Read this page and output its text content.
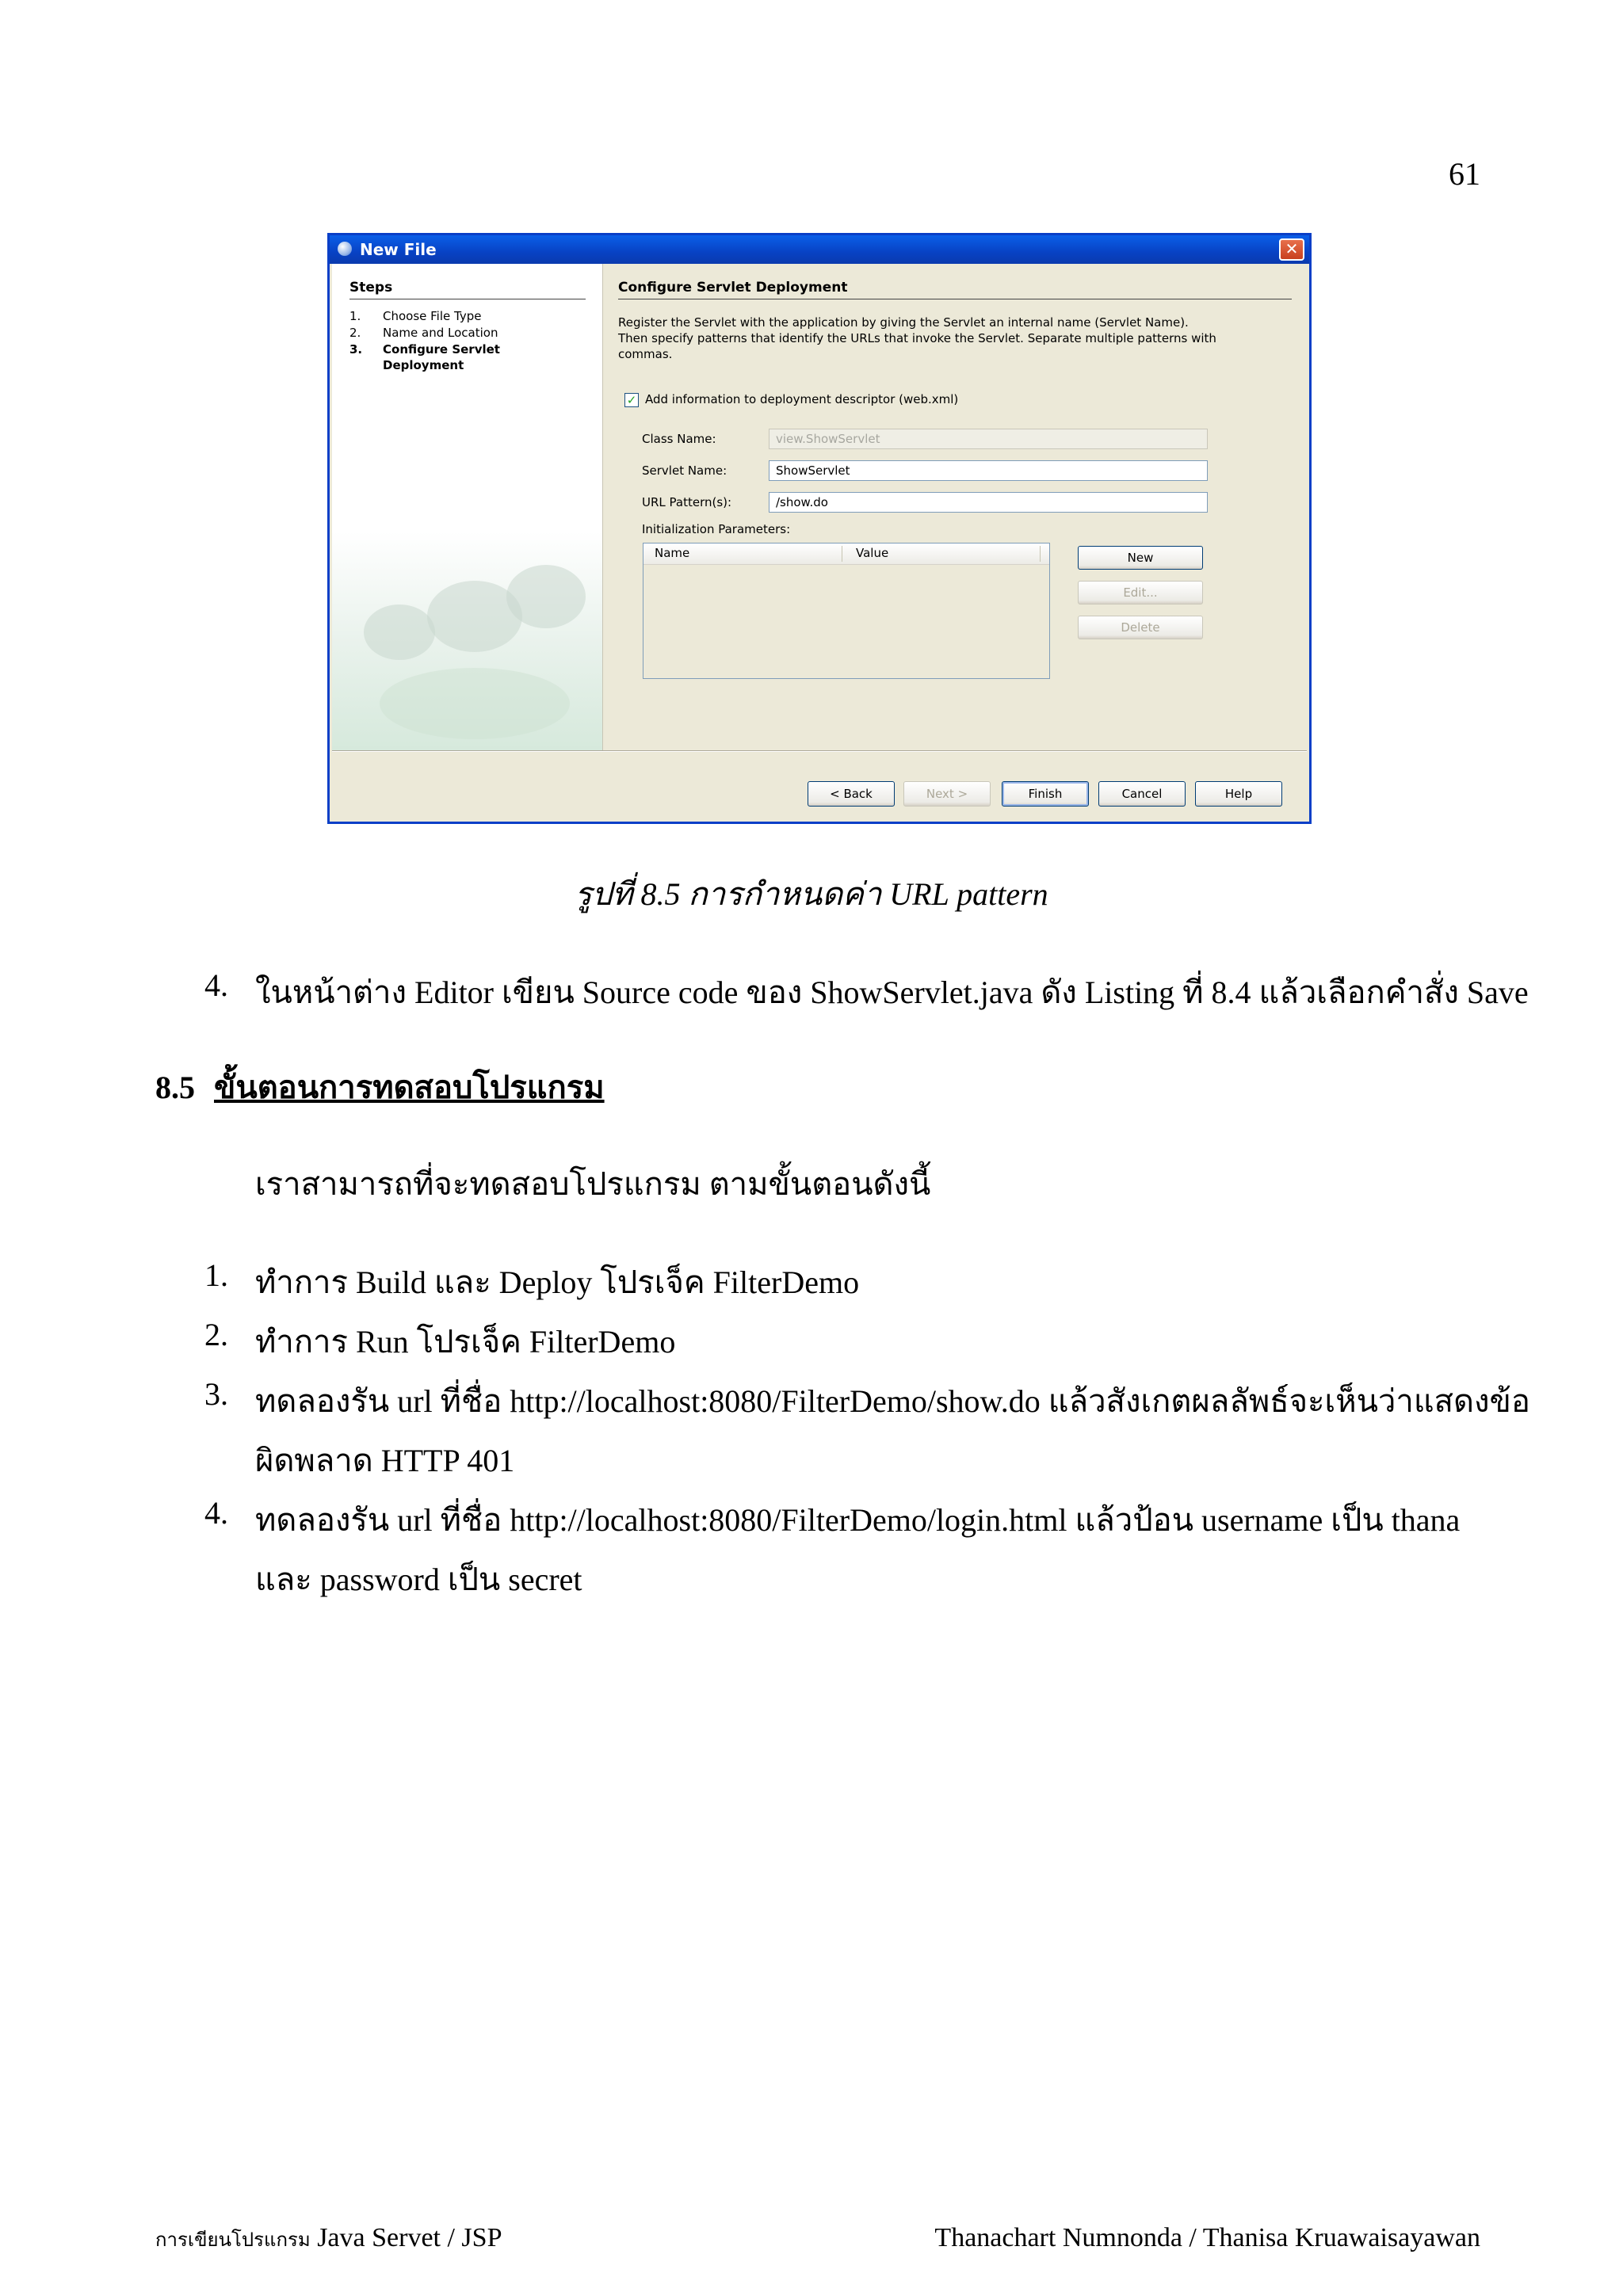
61
New File	✕
Steps
1.	Choose File Type
2.	Name and Location
3.	Configure Servlet Deployment
Configure Servlet Deployment
Register the Servlet with the application by giving the Servlet an internal name (Servlet Name). Then specify patterns that identify the URLs that invoke the Servlet. Separate multiple patterns with commas.
✓ Add information to deployment descriptor (web.xml)
Class Name:	view.ShowServlet
Servlet Name:	ShowServlet
URL Pattern(s):	/show.do
Initialization Parameters:
Name	Value	New
Edit...
Delete
< Back	Next >	Finish	Cancel	Help
รูปที่ 8.5 การกำหนดค่า URL pattern
4. ในหน้าต่าง Editor เขียน Source code ของ ShowServlet.java ดัง Listing ที่ 8.4 แล้วเลือกคำสั่ง Save
8.5 ขั้นตอนการทดสอบโปรแกรม
เราสามารถที่จะทดสอบโปรแกรม ตามขั้นตอนดังนี้
1. ทำการ Build และ Deploy โปรเจ็ค FilterDemo
2. ทำการ Run โปรเจ็ค FilterDemo
3. ทดลองรัน url ที่ชื่อ http://localhost:8080/FilterDemo/show.do แล้วสังเกตผลลัพธ์จะเห็นว่าแสดงข้อ
ผิดพลาด HTTP 401
4. ทดลองรัน url ที่ชื่อ http://localhost:8080/FilterDemo/login.html แล้วป้อน username เป็น thana
และ password เป็น secret
การเขียนโปรแกรม Java Servet / JSP	Thanachart Numnonda / Thanisa Kruawaisayawan
